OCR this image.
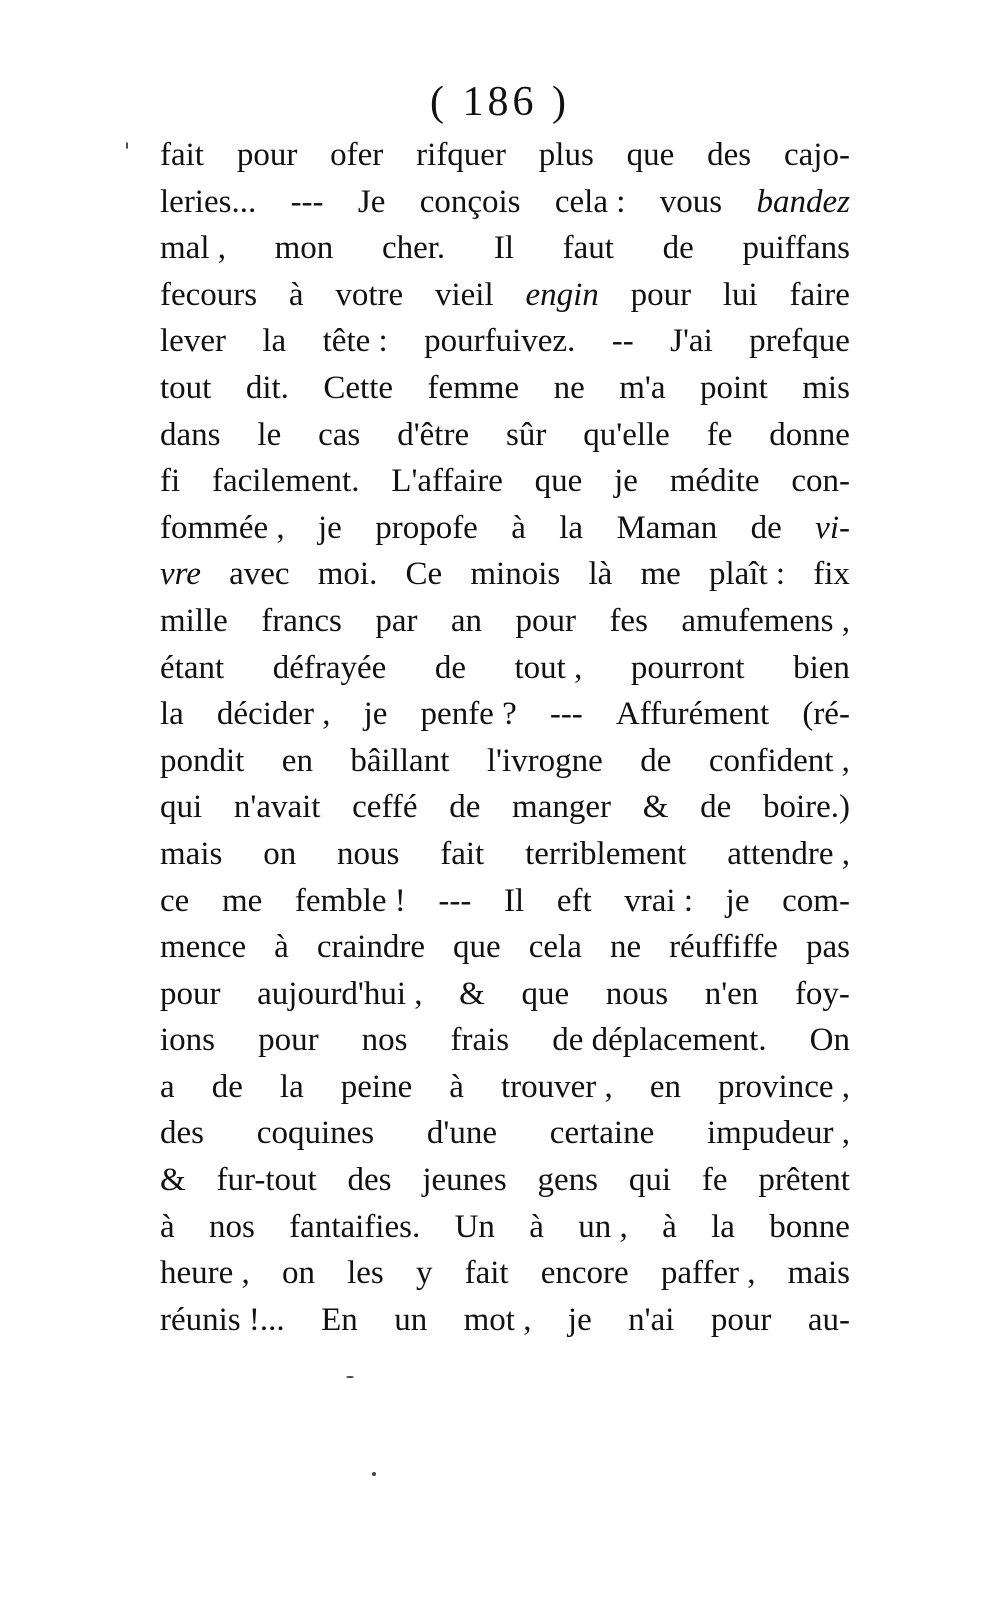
( 186 )
' fait pour ofer rifquer plus que des cajo-
leries... --- Je conçois cela : vous bandez
mal , mon cher. Il faut de puiffans
fecours à votre vieil engin pour lui faire
lever la tête : pourfuivez. -- J'ai prefque
tout dit. Cette femme ne m'a point mis
dans le cas d'être sûr qu'elle fe donne
fi facilement. L'affaire que je médite con-
fommée , je propofe à la Maman de vi-
vre avec moi. Ce minois là me plaît : fix
mille francs par an pour fes amufemens ,
étant défrayée de tout , pourront bien
la décider , je penfe ? --- Affurément (ré-
pondit en bâillant l'ivrogne de confident ,
qui n'avait ceffé de manger & de boire.)
mais on nous fait terriblement attendre ,
ce me femble ! --- Il eft vrai : je com-
mence à craindre que cela ne réuffiffe pas
pour aujourd'hui , & que nous n'en foy-
ions pour nos frais de déplacement. On
a de la peine à trouver , en province ,
des coquines d'une certaine impudeur ,
& fur-tout des jeunes gens qui fe prêtent
à nos fantaifies. Un à un , à la bonne
heure , on les y fait encore paffer , mais
réunis !... En un mot , je n'ai pour au-
